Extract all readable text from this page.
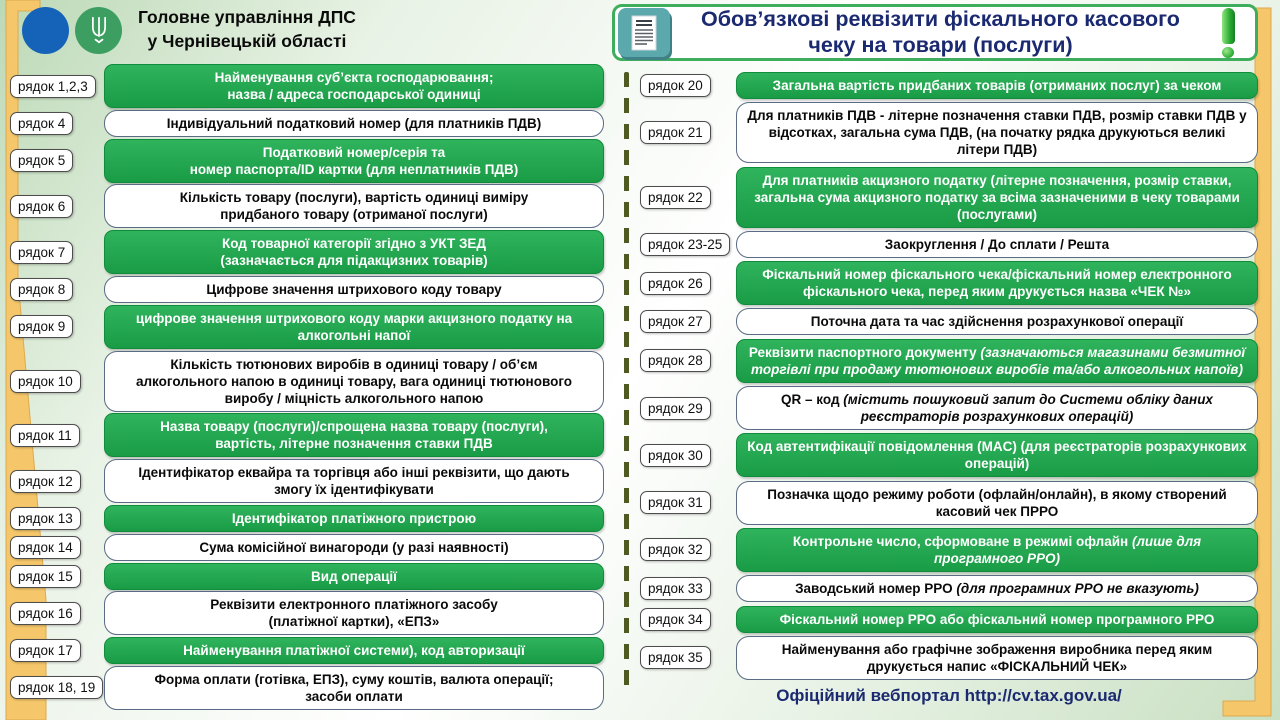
Головне управління ДПС
у Чернівецькій області
Обов’язкові реквізити фіскального касового чеку на товари (послуги)
рядок 1,2,3
Найменування суб’єкта господарювання;
назва / адреса господарської одиниці
рядок 4	Індивідуальний податковий номер (для платників ПДВ)
рядок 5
Податковий номер/серія та
номер паспорта/ID картки (для неплатників ПДВ)
рядок 6
Кількість товару (послуги), вартість одиниці виміру
придбаного товару (отриманої послуги)
рядок 7
Код товарної категорії згідно з УКТ ЗЕД
(зазначається для підакцизних товарів)
рядок 8	Цифрове значення штрихового коду товару
рядок 9
цифрове значення штрихового коду марки акцизного податку на
алкогольні напої
рядок 10
Кількість тютюнових виробів в одиниці товару / об’єм
алкогольного напою в одиниці товару, вага одиниці тютюнового
виробу / міцність алкогольного напою
рядок 11
Назва товару (послуги)/спрощена назва товару (послуги),
вартість, літерне позначення ставки ПДВ
рядок 12
Ідентифікатор еквайра та торгівця або інші реквізити, що дають
змогу їх ідентифікувати
рядок 13	Ідентифікатор платіжного пристрою
рядок 14	Сума комісійної винагороди (у разі наявності)
рядок 15	Вид операції
рядок 16
Реквізити електронного платіжного засобу
(платіжної картки), «ЕПЗ»
рядок 17	Найменування платіжної системи), код авторизації
рядок 18, 19
Форма оплати (готівка, ЕПЗ), суму коштів, валюта операції;
засоби оплати
рядок 20	Загальна вартість придбаних товарів (отриманих послуг) за чеком
рядок 21
Для платників ПДВ - літерне позначення ставки ПДВ, розмір ставки ПДВ у відсотках, загальна сума ПДВ, (на початку рядка друкуються великі літери ПДВ)
рядок 22
Для платників акцизного податку (літерне позначення, розмір ставки, загальна сума акцизного податку за всіма зазначеними в чеку товарами (послугами)
рядок 23-25	Заокруглення / До сплати / Решта
рядок 26
Фіскальний номер фіскального чека/фіскальний номер електронного фіскального чека, перед яким друкується назва «ЧЕК №»
рядок 27	Поточна дата та час здійснення розрахункової операції
рядок 28
Реквізити паспортного документу (зазначаються магазинами безмитної торгівлі при продажу тютюнових виробів та/або алкогольних напоїв)
рядок 29
QR – код (містить пошуковий запит до Системи обліку даних реєстраторів розрахункових операцій)
рядок 30
Код автентифікації повідомлення (MAC) (для реєстраторів розрахункових операцій)
рядок 31
Позначка щодо режиму роботи (офлайн/онлайн), в якому створений касовий чек ПРРО
рядок 32
Контрольне число, сформоване в режимі офлайн (лише для програмного РРО)
рядок 33	Заводський номер РРО (для програмних РРО не вказують)
рядок 34	Фіскальний номер РРО або фіскальний номер програмного РРО
рядок 35
Найменування або графічне зображення виробника перед яким друкується напис «ФІСКАЛЬНИЙ ЧЕК»
Офіційний вебпортал http://cv.tax.gov.ua/
